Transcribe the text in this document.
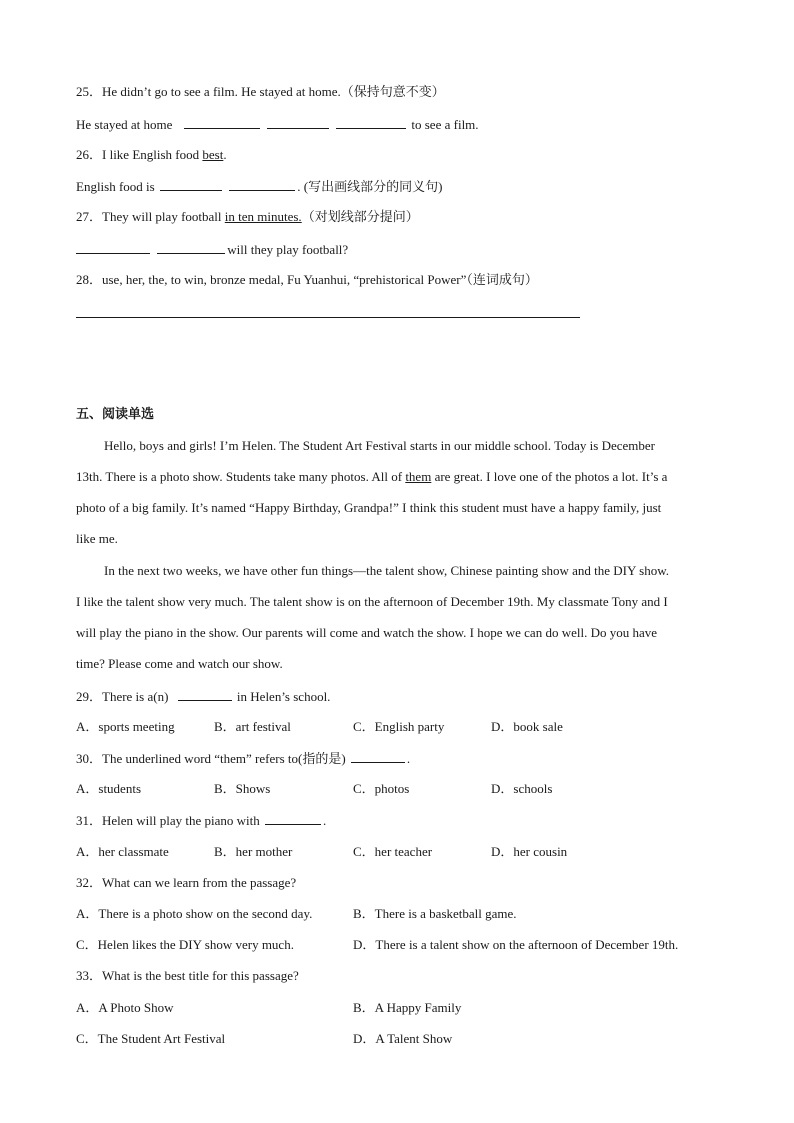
25．He didn’t go to see a film. He stayed at home.（保持句意不变）
He stayed at home	to see a film.
26．I like English food best.
English food is	. (写出画线部分的同义句)
27．They will play football in ten minutes.（对划线部分提问）
will they play football?
28．use, her, the, to win, bronze medal, Fu Yuanhui, “prehistorical Power”（连词成句）
五、阅读单选
Hello, boys and girls! I’m Helen. The Student Art Festival starts in our middle school. Today is December
13th. There is a photo show. Students take many photos. All of them are great. I love one of the photos a lot. It’s a
photo of a big family. It’s named “Happy Birthday, Grandpa!” I think this student must have a happy family, just
like me.
In the next two weeks, we have other fun things—the talent show, Chinese painting show and the DIY show.
I like the talent show very much. The talent show is on the afternoon of December 19th. My classmate Tony and I
will play the piano in the show. Our parents will come and watch the show. I hope we can do well. Do you have
time? Please come and watch our show.
29．There is a(n)	in Helen’s school.
A．sports meeting	B．art festival	C．English party	D．book sale
30．The underlined word “them” refers to(指的是)	.
A．students	B．Shows	C．photos	D．schools
31．Helen will play the piano with	.
A．her classmate	B．her mother	C．her teacher	D．her cousin
32．What can we learn from the passage?
A．There is a photo show on the second day.	B．There is a basketball game.
C．Helen likes the DIY show very much.	D．There is a talent show on the afternoon of December 19th.
33．What is the best title for this passage?
A．A Photo Show	B．A Happy Family
C．The Student Art Festival	D．A Talent Show
